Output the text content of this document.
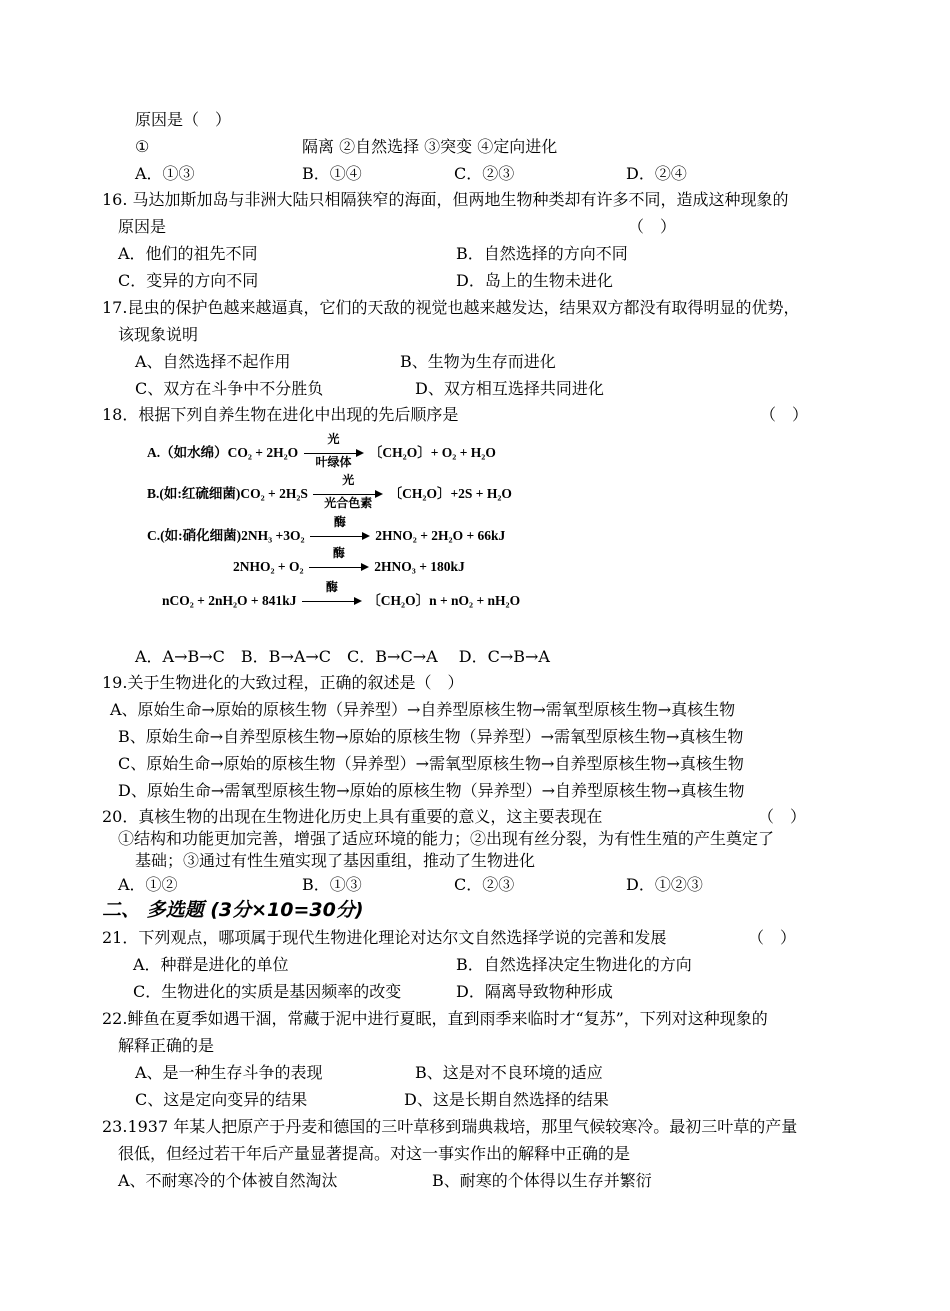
原因是（　）
①	隔离 ②自然选择 ③突变 ④定向进化
A．①③	B．①④	C．②③	D．②④
16. 马达加斯加岛与非洲大陆只相隔狭窄的海面，但两地生物种类却有许多不同，造成这种现象的
原因是	（　）
A．他们的祖先不同	B．自然选择的方向不同
C．变异的方向不同	D．岛上的生物未进化
17.昆虫的保护色越来越逼真，它们的天敌的视觉也越来越发达，结果双方都没有取得明显的优势，
该现象说明
A、自然选择不起作用	B、生物为生存而进化
C、双方在斗争中不分胜负	D、双方相互选择共同进化
18．根据下列自养生物在进化中出现的先后顺序是	（　）
A.（如水绵）CO₂ + 2H₂O
光
叶绿体
〔CH₂O〕+ O₂ + H₂O
B.(如:红硫细菌)CO₂ + 2H₂S
光
光合色素
〔CH₂O〕+2S + H₂O
C.(如:硝化细菌)2NH₃ +3O₂
酶
2HNO₂ + 2H₂O + 66kJ
2NHO₂ + O₂
酶
2HNO₃ + 180kJ
nCO₂ + 2nH₂O + 841kJ
酶
〔CH₂O〕n + nO₂ + nH₂O
A．A→B→C　B．B→A→C　C．B→C→A　 D．C→B→A
19.关于生物进化的大致过程，正确的叙述是（　）
A、原始生命→原始的原核生物（异养型）→自养型原核生物→需氧型原核生物→真核生物
B、原始生命→自养型原核生物→原始的原核生物（异养型）→需氧型原核生物→真核生物
C、原始生命→原始的原核生物（异养型）→需氧型原核生物→自养型原核生物→真核生物
D、原始生命→需氧型原核生物→原始的原核生物（异养型）→自养型原核生物→真核生物
20．真核生物的出现在生物进化历史上具有重要的意义，这主要表现在	（　）
①结构和功能更加完善，增强了适应环境的能力；②出现有丝分裂，为有性生殖的产生奠定了
基础；③通过有性生殖实现了基因重组，推动了生物进化
A．①②	B．①③	C．②③	D．①②③
二、 多选题 (3分×10=30分)
21．下列观点，哪项属于现代生物进化理论对达尔文自然选择学说的完善和发展	（　）
A．种群是进化的单位	B．自然选择决定生物进化的方向
C．生物进化的实质是基因频率的改变	D．隔离导致物种形成
22.鲱鱼在夏季如遇干涸，常藏于泥中进行夏眠，直到雨季来临时才“复苏”，下列对这种现象的
解释正确的是
A、是一种生存斗争的表现	B、这是对不良环境的适应
C、这是定向变异的结果	D、这是长期自然选择的结果
23.1937 年某人把原产于丹麦和德国的三叶草移到瑞典栽培，那里气候较寒冷。最初三叶草的产量
很低，但经过若干年后产量显著提高。对这一事实作出的解释中正确的是
A、不耐寒冷的个体被自然淘汰	B、耐寒的个体得以生存并繁衍
